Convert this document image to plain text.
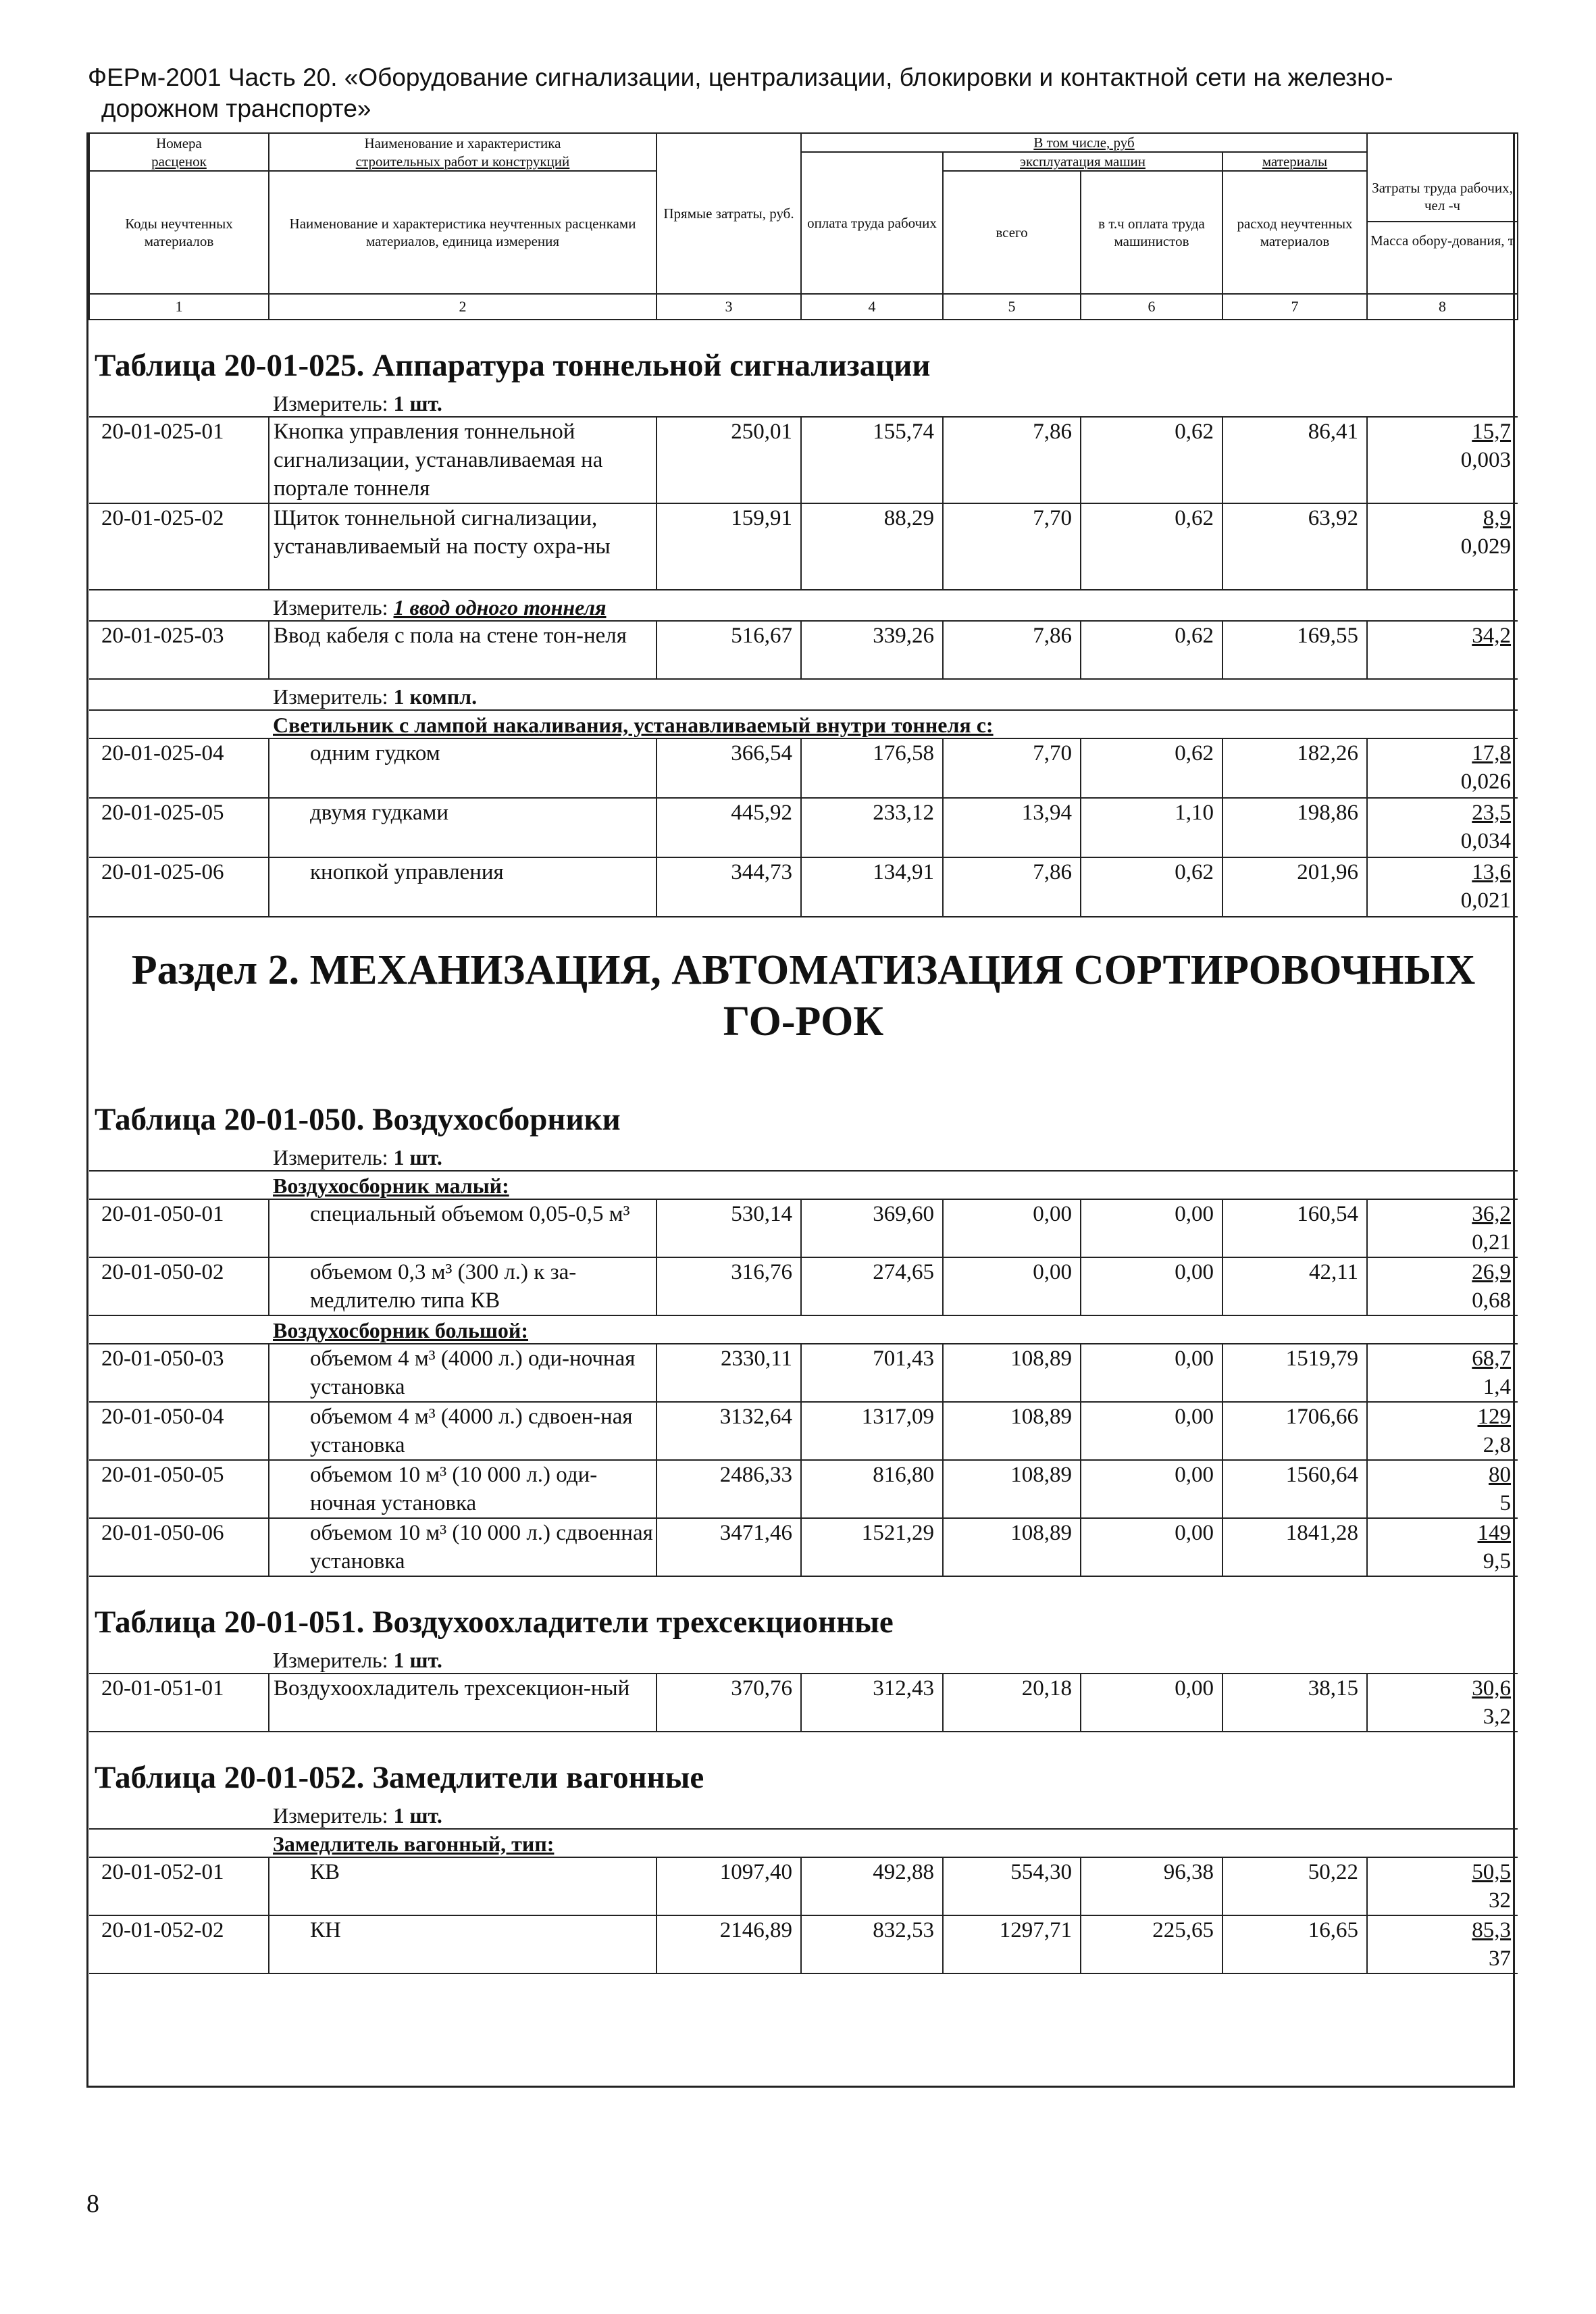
ФЕРм-2001 Часть 20. «Оборудование сигнализации, централизации, блокировки и контактной сети на железно-
дорожном транспорте»
Номера	Наименование и характеристика	Прямые затраты, руб.	В том числе, руб				Затраты труда рабочих, чел -ч
Масса обору-дования, т

расценок	строительных работ и конструкций		оплата труда рабочих	эксплуатация машин		материалы	
Коды неучтенных материалов	Наименование и характеристика неучтенных расценками материалов, единица измерения			всего	в т.ч оплата труда машинистов	расход неучтенных материалов	
1	2	3	4	5	6	7	8
Таблица 20-01-025. Аппаратура тоннельной сигнализации							
	Измеритель: 1 шт.						
20-01-025-01	Кнопка управления тоннельной сигнализации, устанавливаемая на портале тоннеля	250,01	155,74	7,86	0,62	86,41	15,7
0,003

20-01-025-02	Щиток тоннельной сигнализации, устанавливаемый на посту охра-ны	159,91	88,29	7,70	0,62	63,92	8,9
0,029

	Измеритель: 1 ввод одного тоннеля						
20-01-025-03	Ввод кабеля с пола на стене тон-неля	516,67	339,26	7,86	0,62	169,55	34,2

	Измеритель: 1 компл.						
	Светильник с лампой накаливания, устанавливаемый внутри тоннеля с:						
20-01-025-04	одним гудком	366,54	176,58	7,70	0,62	182,26	17,8
0,026

20-01-025-05	двумя гудками	445,92	233,12	13,94	1,10	198,86	23,5
0,034

20-01-025-06	кнопкой управления	344,73	134,91	7,86	0,62	201,96	13,6
0,021

Раздел 2. МЕХАНИЗАЦИЯ, АВТОМАТИЗАЦИЯ СОРТИРОВОЧНЫХ ГО-РОК							
Таблица 20-01-050. Воздухосборники							
	Измеритель: 1 шт.						
	Воздухосборник малый:						
20-01-050-01	специальный объемом 0,05-0,5 м³	530,14	369,60	0,00	0,00	160,54	36,2
0,21

20-01-050-02	объемом 0,3 м³ (300 л.) к за-медлителю типа КВ	316,76	274,65	0,00	0,00	42,11	26,9
0,68

	Воздухосборник большой:						
20-01-050-03	объемом 4 м³ (4000 л.) оди-ночная установка	2330,11	701,43	108,89	0,00	1519,79	68,7
1,4

20-01-050-04	объемом 4 м³ (4000 л.) сдвоен-ная установка	3132,64	1317,09	108,89	0,00	1706,66	129
2,8

20-01-050-05	объемом 10 м³ (10 000 л.) оди-ночная установка	2486,33	816,80	108,89	0,00	1560,64	80
5

20-01-050-06	объемом 10 м³ (10 000 л.) сдвоенная установка	3471,46	1521,29	108,89	0,00	1841,28	149
9,5

Таблица 20-01-051. Воздухоохладители трехсекционные							
	Измеритель: 1 шт.						
20-01-051-01	Воздухоохладитель трехсекцион-ный	370,76	312,43	20,18	0,00	38,15	30,6
3,2

Таблица 20-01-052. Замедлители вагонные							
	Измеритель: 1 шт.						
	Замедлитель вагонный, тип:						
20-01-052-01	КВ	1097,40	492,88	554,30	96,38	50,22	50,5
32

20-01-052-02	КН	2146,89	832,53	1297,71	225,65	16,65	85,3
37
8
